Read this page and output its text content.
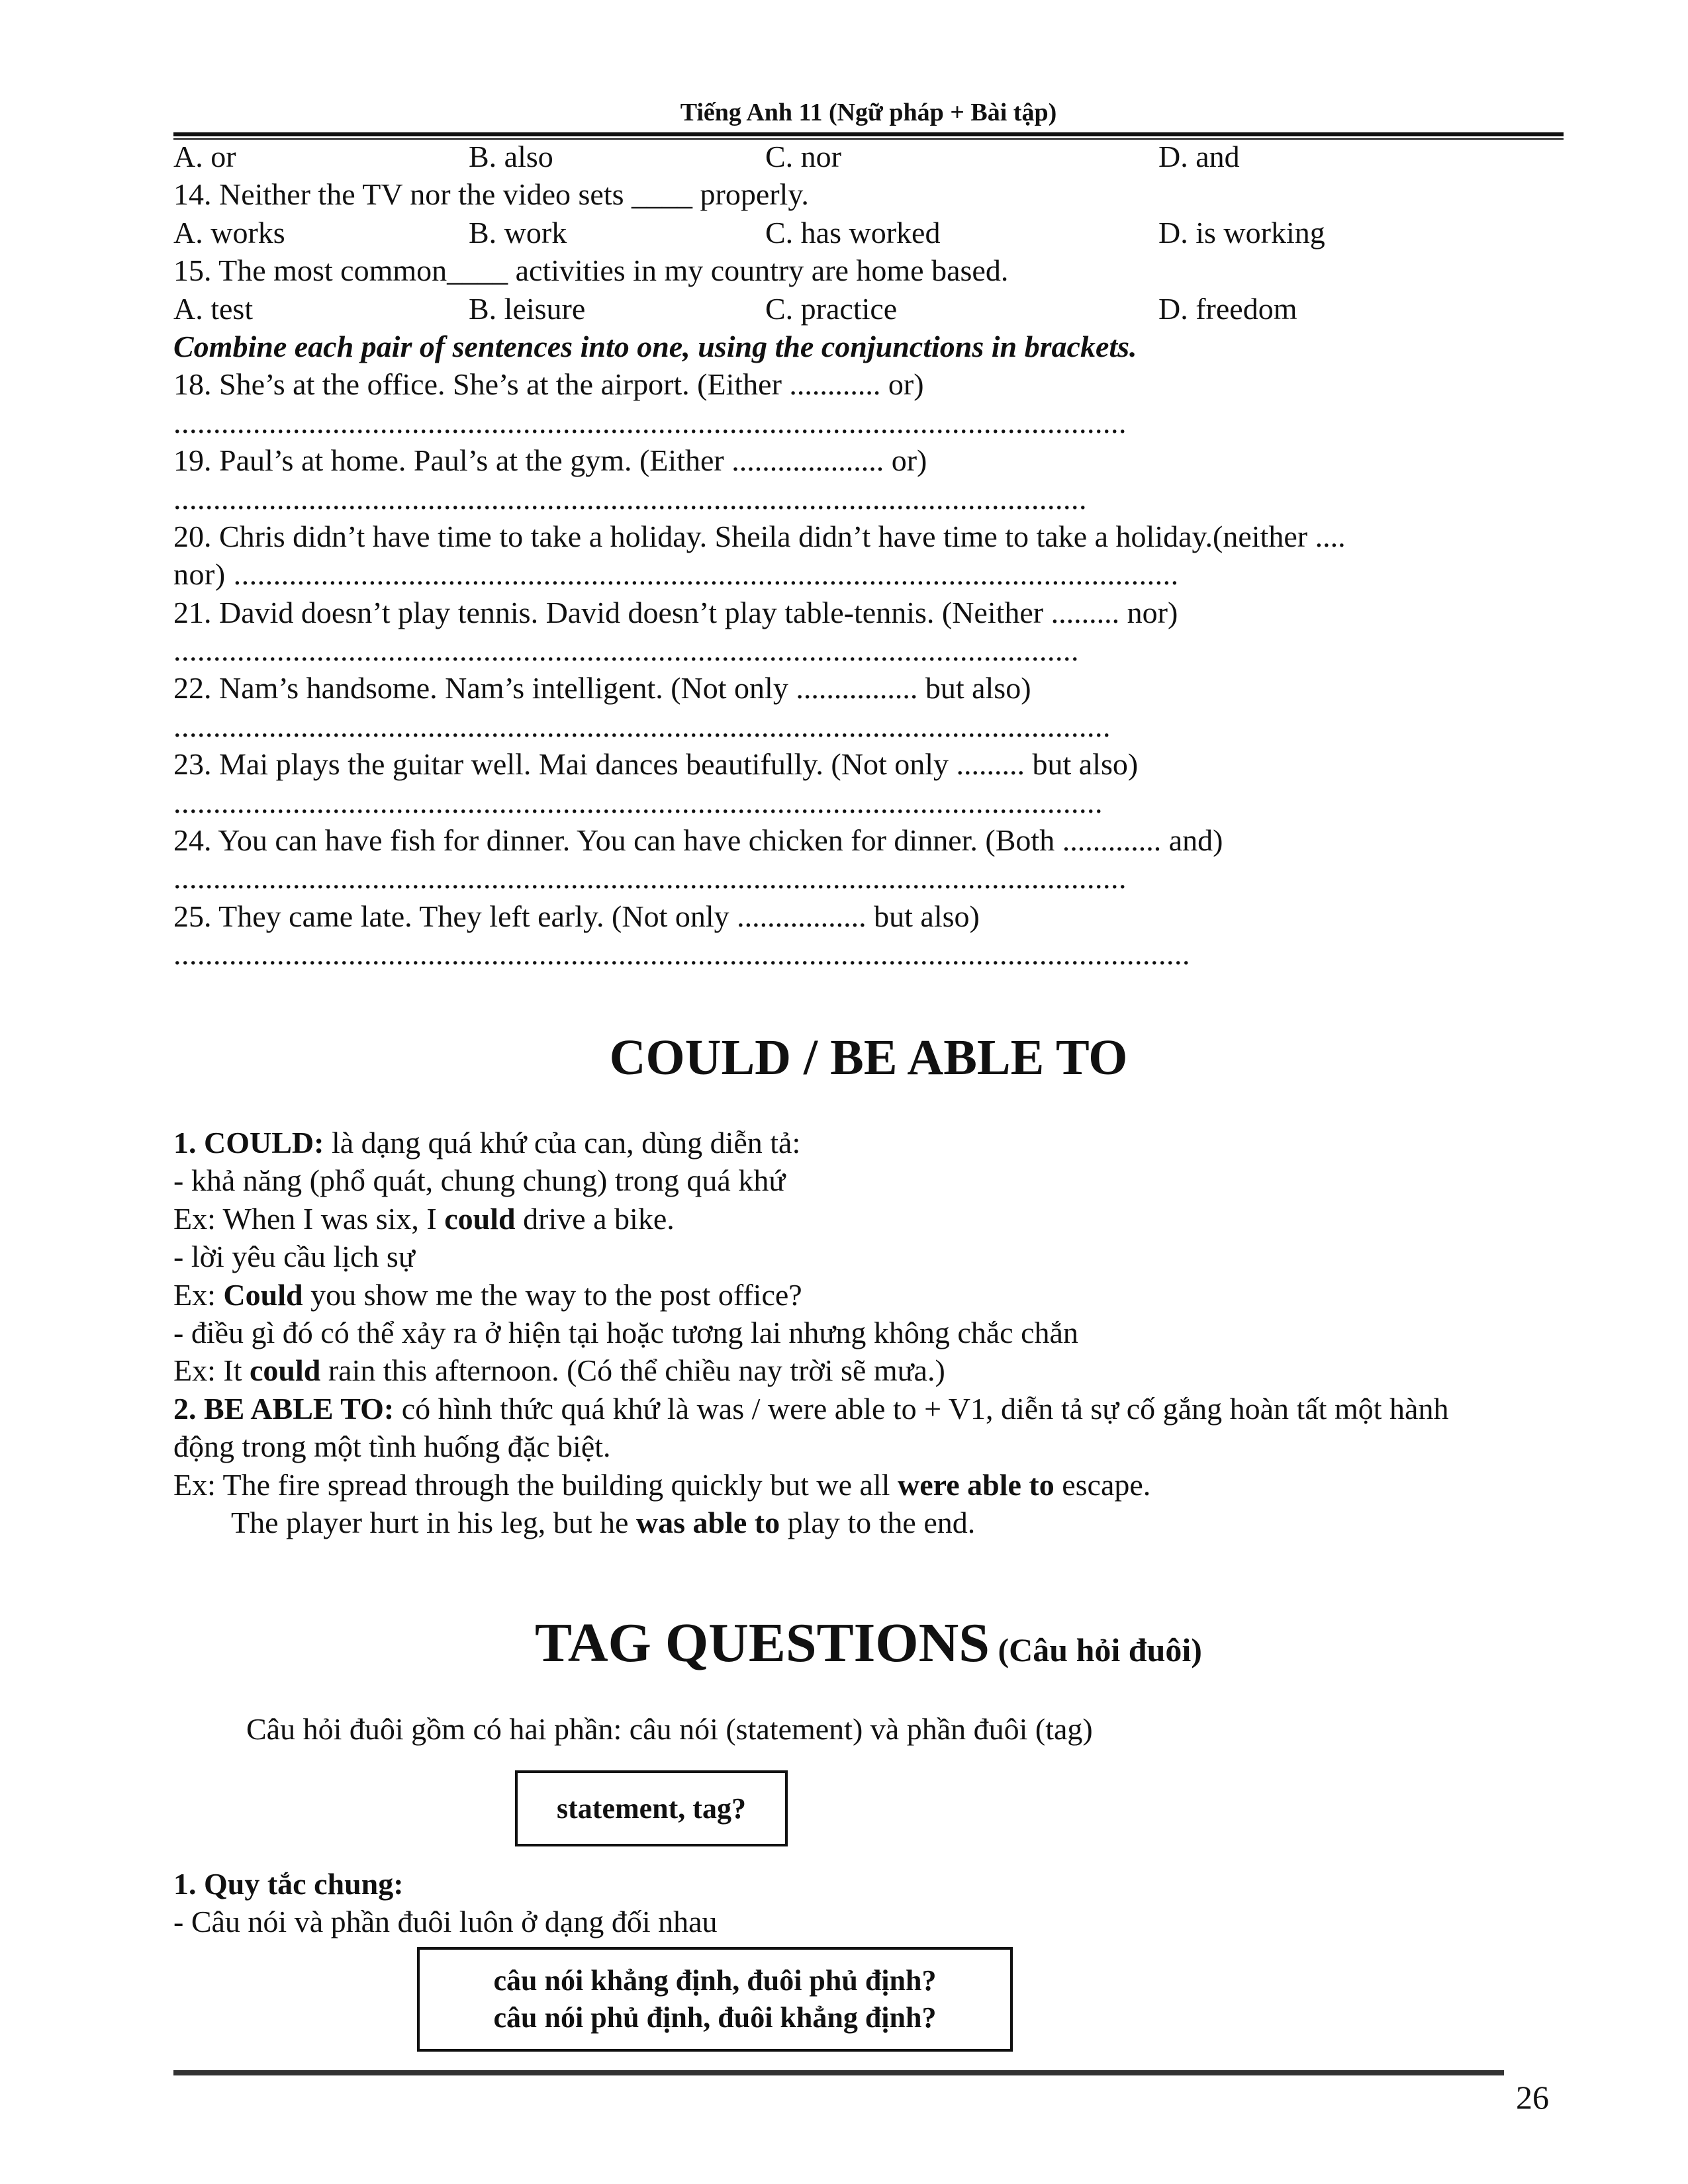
Tiếng Anh 11 (Ngữ pháp + Bài tập)
A. or	B. also	C. nor	D. and
14. Neither the TV nor the video sets ____ properly.
A. works	B. work	C. has worked	D. is working
15. The most common____ activities in my country are home based.
A. test	B. leisure	C. practice	D. freedom
Combine each pair of sentences into one, using the conjunctions in brackets.
18. She’s at the office. She’s at the airport. (Either ............ or)
........................................................................................................................
19. Paul’s at home. Paul’s at the gym. (Either .................... or)
...................................................................................................................
20. Chris didn’t have time to take a holiday. Sheila didn’t have time to take a holiday.(neither ....
nor) .......................................................................................................................
21. David doesn’t play tennis. David doesn’t play table-tennis. (Neither ......... nor)
..................................................................................................................
22. Nam’s handsome. Nam’s intelligent. (Not only ................ but also)
......................................................................................................................
23. Mai plays the guitar well. Mai dances beautifully. (Not only ......... but also)
.....................................................................................................................
24. You can have fish for dinner. You can have chicken for dinner. (Both ............. and)
........................................................................................................................
25. They came late. They left early. (Not only ................. but also)
................................................................................................................................
COULD / BE ABLE TO
1. COULD: là dạng quá khứ của can, dùng diễn tả:
- khả năng (phổ quát, chung chung) trong quá khứ
Ex: When I was six, I could drive a bike.
- lời yêu cầu lịch sự
Ex: Could you show me the way to the post office?
- điều gì đó có thể xảy ra ở hiện tại hoặc tương lai nhưng không chắc chắn
Ex: It could rain this afternoon. (Có thể chiều nay trời sẽ mưa.)
2. BE ABLE TO: có hình thức quá khứ là was / were able to + V1, diễn tả sự cố gắng hoàn tất một hành
động trong một tình huống đặc biệt.
Ex: The fire spread through the building quickly but we all were able to escape.
The player hurt in his leg, but he was able to play to the end.
TAG QUESTIONS (Câu hỏi đuôi)
Câu hỏi đuôi gồm có hai phần: câu nói (statement) và phần đuôi (tag)
statement, tag?
1. Quy tắc chung:
- Câu nói và phần đuôi luôn ở dạng đối nhau
câu nói khẳng định, đuôi phủ định?
câu nói phủ định, đuôi khẳng định?
26
